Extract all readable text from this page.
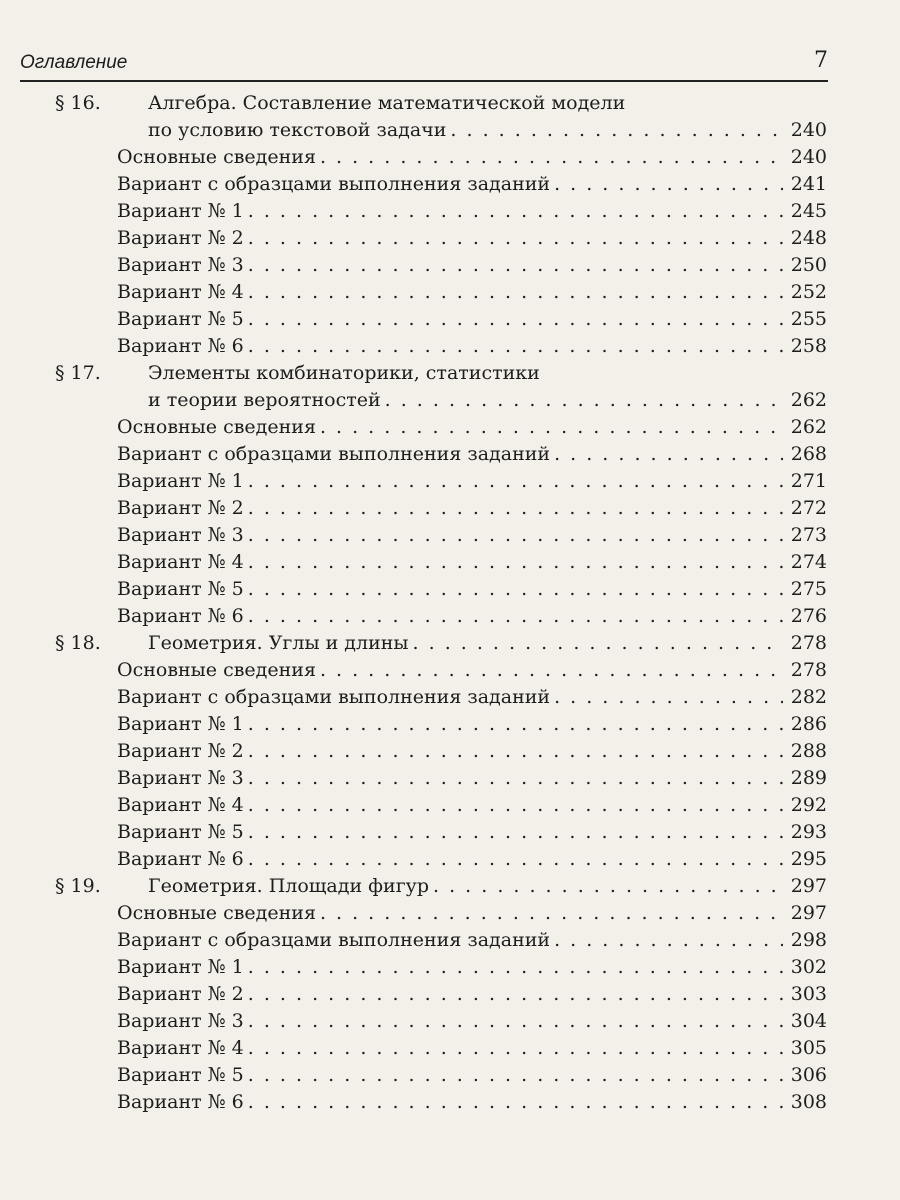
Оглавление	7
§ 16.	Алгебра. Составление математической модели
по условию текстовой задачи . . .	240
Основные сведения . . .	240
Вариант с образцами выполнения заданий . . .	241
Вариант № 1 . . .	245
Вариант № 2 . . .	248
Вариант № 3 . . .	250
Вариант № 4 . . .	252
Вариант № 5 . . .	255
Вариант № 6 . . .	258
§ 17.	Элементы комбинаторики, статистики
и теории вероятностей . . .	262
Основные сведения . . .	262
Вариант с образцами выполнения заданий . . .	268
Вариант № 1 . . .	271
Вариант № 2 . . .	272
Вариант № 3 . . .	273
Вариант № 4 . . .	274
Вариант № 5 . . .	275
Вариант № 6 . . .	276
§ 18.	Геометрия. Углы и длины . . .	278
Основные сведения . . .	278
Вариант с образцами выполнения заданий . . .	282
Вариант № 1 . . .	286
Вариант № 2 . . .	288
Вариант № 3 . . .	289
Вариант № 4 . . .	292
Вариант № 5 . . .	293
Вариант № 6 . . .	295
§ 19.	Геометрия. Площади фигур . . .	297
Основные сведения . . .	297
Вариант с образцами выполнения заданий . . .	298
Вариант № 1 . . .	302
Вариант № 2 . . .	303
Вариант № 3 . . .	304
Вариант № 4 . . .	305
Вариант № 5 . . .	306
Вариант № 6 . . .	308
